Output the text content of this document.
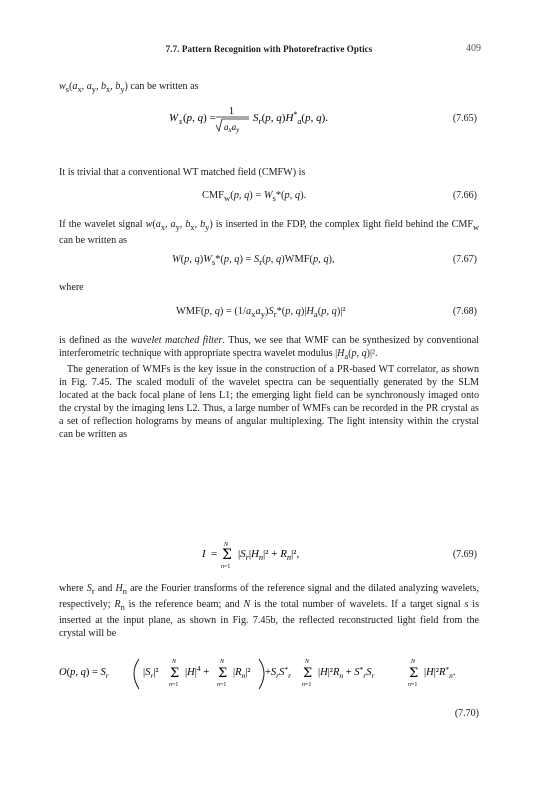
7.7. Pattern Recognition with Photorefractive Optics	409

$w_s(a_x$, $a_y$, $b_x$, $b_y$) can be written as

W s (p, q) =
1
$a_xa_y$
$S_r(p$, $q)H^*_a(p$, q).	(7.65)

It is trivial that a conventional WT matched field (CMFW) is

$CMF_w(p$, $q) = W_s*(p$, q).	(7.66)

If the wavelet signal $w(a_x$, $a_y$, $b_x$, $b_y$) is inserted in the FDP, the complex light field behind the $CMF_w$ can be written as

W(p, $q)W_s*(p$, $q) = S_r(p$, q)WMF(p, q),	(7.67)

where

WMF(p, $q) = (1/a_xa_y)S_r*(p$, $q)|H_a(p$, q)|²	(7.68)

is defined as the wavelet matched filter. Thus, we see that WMF can be synthesized by conventional interferometric technique with appropriate spectra wavelet modulus $|H_a(p$, q)|².

The generation of WMFs is the key issue in the construction of a PR-based WT correlator, as shown in Fig. 7.45. The scaled moduli of the wavelet spectra can be sequentially generated by the SLM located at the back focal plane of lens L1; the emerging light field can be synchronously imaged onto the crystal by the imaging lens L2. Thus, a large number of WMFs can be recorded in the PR crystal as a set of reflection holograms by means of angular multiplexing. The light intensity within the crystal can be written as

I =
N
Σ
n=1
$|S_r|H_n|^2 + R_n|^2$,	(7.69)

where $S_r$ and $H_n$ are the Fourier transforms of the reference signal and the dilated analyzing wavelets, respectively; $R_n$ is the reference beam; and N is the total number of wavelets. If a target signal s is inserted at the input plane, as shown in Fig. 7.45b, the reflected reconstructed light field from the crystal will be

O(p, $q) = S_r$	$|S_r|^2$
N
Σ
n=1
$|H|^4$ +
N
Σ
n=1
$|R_n|^2 +S_rS^*_r$
N
Σ
n=1
$|H|^2R_n + S^*_rS_r$
N
Σ
n=1
$|H|^2R^*_n$.
(7.70)
